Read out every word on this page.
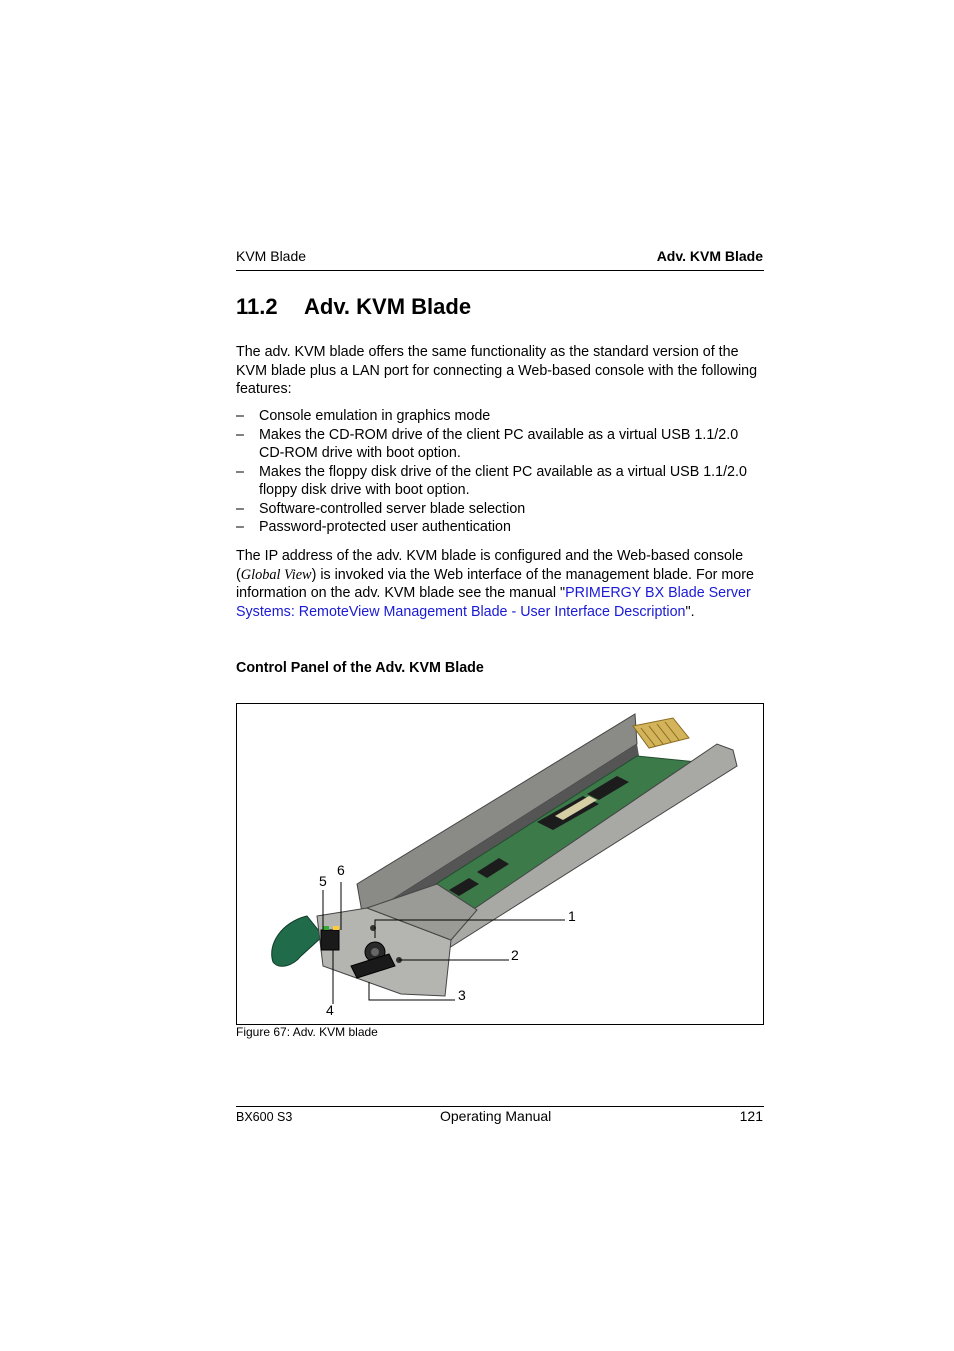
KVM Blade	Adv. KVM Blade
11.2 Adv. KVM Blade

The adv. KVM blade offers the same functionality as the standard version of the KVM blade plus a LAN port for connecting a Web-based console with the following features:

– Console emulation in graphics mode
– Makes the CD-ROM drive of the client PC available as a virtual USB 1.1/2.0 CD-ROM drive with boot option.
– Makes the floppy disk drive of the client PC available as a virtual USB 1.1/2.0 floppy disk drive with boot option.
– Software-controlled server blade selection
– Password-protected user authentication

The IP address of the adv. KVM blade is configured and the Web-based console (Global View) is invoked via the Web interface of the management blade. For more information on the adv. KVM blade see the manual "PRIMERGY BX Blade Server Systems: RemoteView Management Blade - User Interface Description".

Control Panel of the Adv. KVM Blade
1
2
3
4
5
6
Figure 67: Adv. KVM blade
BX600 S3	Operating Manual	121
